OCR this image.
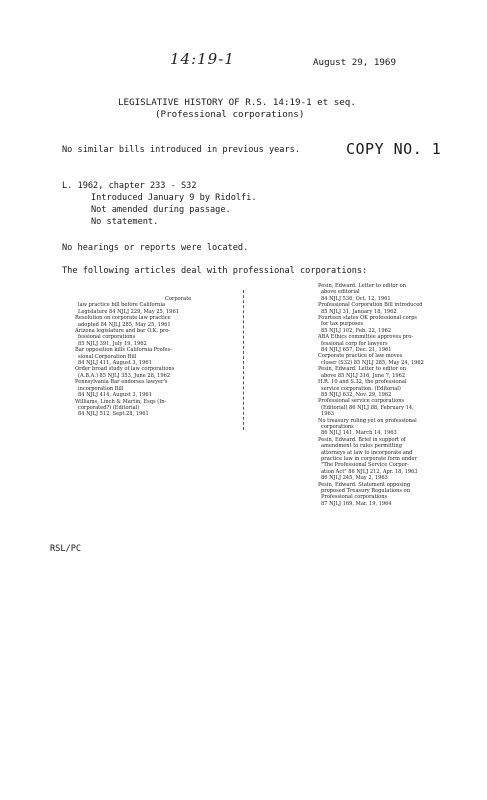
14:19-1	August 29, 1969
LEGISLATIVE HISTORY OF R.S. 14:19-1 et seq.
(Professional corporations)
No similar bills introduced in previous years.	COPY NO. 1
L. 1962, chapter 233 - S32
Introduced January 9 by Ridolfi.
Not amended during passage.
No statement.
No hearings or reports were located.
The following articles deal with professional corporations:
Corporate
law practice bill before California
Legislature 84 NJLJ 229, May 25, 1961
Resolution on corporate law practice
adopted 84 NJLJ 285, May 25, 1961
Arizona legislature and bar O.K. pro-
fessional corporations
85 NJLJ 391, July 19, 1962
Bar opposition kills California Profes-
sional Corporation Bill
84 NJLJ 411, August 3, 1961
Order broad study of law corporations
(A.B.A.) 85 NJLJ 353, June 28, 1962
Pennsylvania Bar endorses lawyer's
incorporation Bill
84 NJLJ 414, August 3, 1961
Williams, Linch & Martin, Esqs (In-
corporated?) (Editorial)
84 NJLJ 512, Sept.28, 1961
Pesin, Edward. Letter to editor on
above editorial
84 NJLJ 536, Oct. 12, 1961
Professional Corporation Bill introduced
85 NJLJ 31, January 18, 1962
Fourteen states OK professional corps
for tax purposes
85 NJLJ 102, Feb. 22, 1962
ABA Ethics committee approves pro-
fessional corp for lawyers
84 NJLJ 657, Dec. 21, 1961
Corporate practice of law moves
closer (S32) 85 NJLJ 285, May 24, 1962
Pesin, Edward. Letter to editor on
above 85 NJLJ 316, June 7, 1962
H.R. 10 and S.32, the professional
service corporation. (Editorial)
85 NJLJ 632, Nov. 29, 1962
Professional service corporations
(Editorial) 86 NJLJ 88, February 14,
1963
No treasury ruling yet on professional
corporations
86 NJLJ 141, March 14, 1963
Pesin, Edward. Brief in support of
amendment to rules permitting
attorneys at law to incorporate and
practice law in corporate form under
"The Professional Service Corpor-
ation Act" 86 NJLJ 212, Apr. 18, 1963
86 NJLJ 245, May 2, 1963
Pesin, Edward. Statement opposing
proposed Treasury Regulations on
Professional corporations
87 NJLJ 169, Mar. 19, 1964
RSL/PC
